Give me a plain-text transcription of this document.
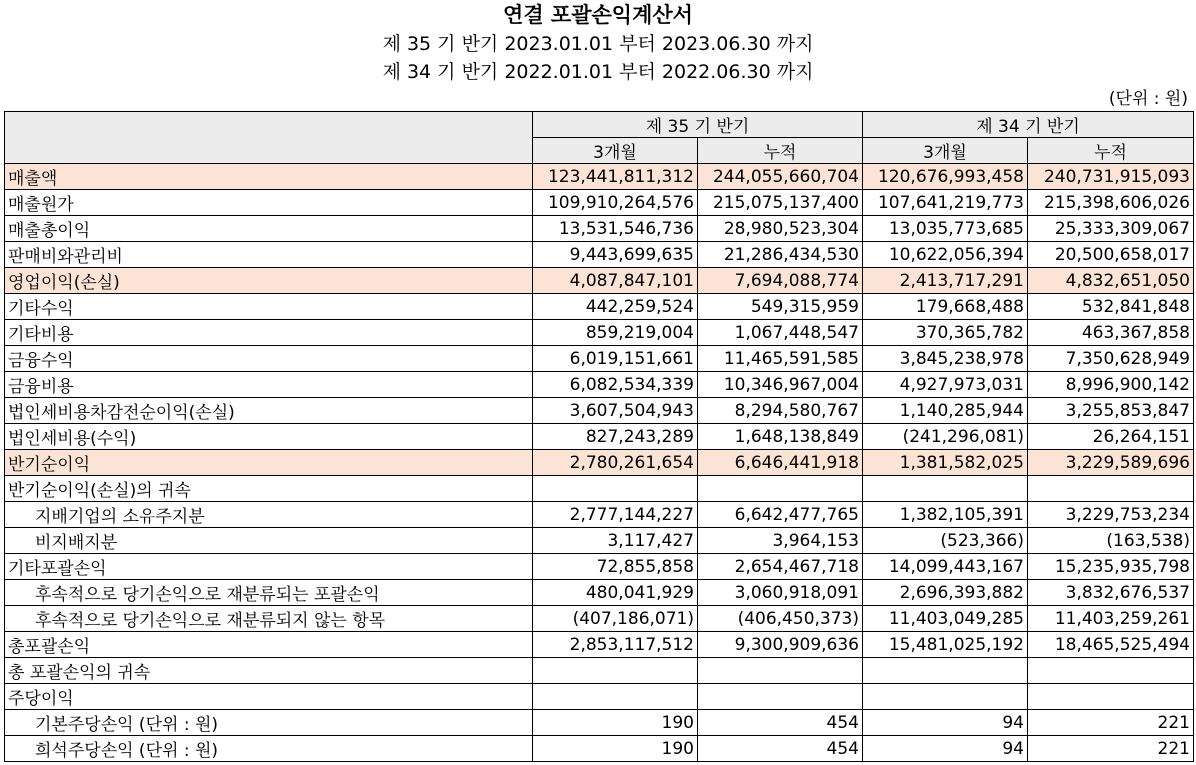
연결 포괄손익계산서
제 35 기 반기 2023.01.01 부터 2023.06.30 까지
제 34 기 반기 2022.01.01 부터 2022.06.30 까지
(단위 : 원)
	제 35 기 반기		제 34 기 반기	
	3개월	누적	3개월	누적
매출액	123,441,811,312	244,055,660,704	120,676,993,458	240,731,915,093
매출원가	109,910,264,576	215,075,137,400	107,641,219,773	215,398,606,026
매출총이익	13,531,546,736	28,980,523,304	13,035,773,685	25,333,309,067
판매비와관리비	9,443,699,635	21,286,434,530	10,622,056,394	20,500,658,017
영업이익(손실)	4,087,847,101	7,694,088,774	2,413,717,291	4,832,651,050
기타수익	442,259,524	549,315,959	179,668,488	532,841,848
기타비용	859,219,004	1,067,448,547	370,365,782	463,367,858
금융수익	6,019,151,661	11,465,591,585	3,845,238,978	7,350,628,949
금융비용	6,082,534,339	10,346,967,004	4,927,973,031	8,996,900,142
법인세비용차감전순이익(손실)	3,607,504,943	8,294,580,767	1,140,285,944	3,255,853,847
법인세비용(수익)	827,243,289	1,648,138,849	(241,296,081)	26,264,151
반기순이익	2,780,261,654	6,646,441,918	1,381,582,025	3,229,589,696
반기순이익(손실)의 귀속				
지배기업의 소유주지분	2,777,144,227	6,642,477,765	1,382,105,391	3,229,753,234
비지배지분	3,117,427	3,964,153	(523,366)	(163,538)
기타포괄손익	72,855,858	2,654,467,718	14,099,443,167	15,235,935,798
후속적으로 당기손익으로 재분류되는 포괄손익	480,041,929	3,060,918,091	2,696,393,882	3,832,676,537
후속적으로 당기손익으로 재분류되지 않는 항목	(407,186,071)	(406,450,373)	11,403,049,285	11,403,259,261
총포괄손익	2,853,117,512	9,300,909,636	15,481,025,192	18,465,525,494
총 포괄손익의 귀속				
주당이익				
기본주당손익 (단위 : 원)	190	454	94	221
희석주당손익 (단위 : 원)	190	454	94	221
